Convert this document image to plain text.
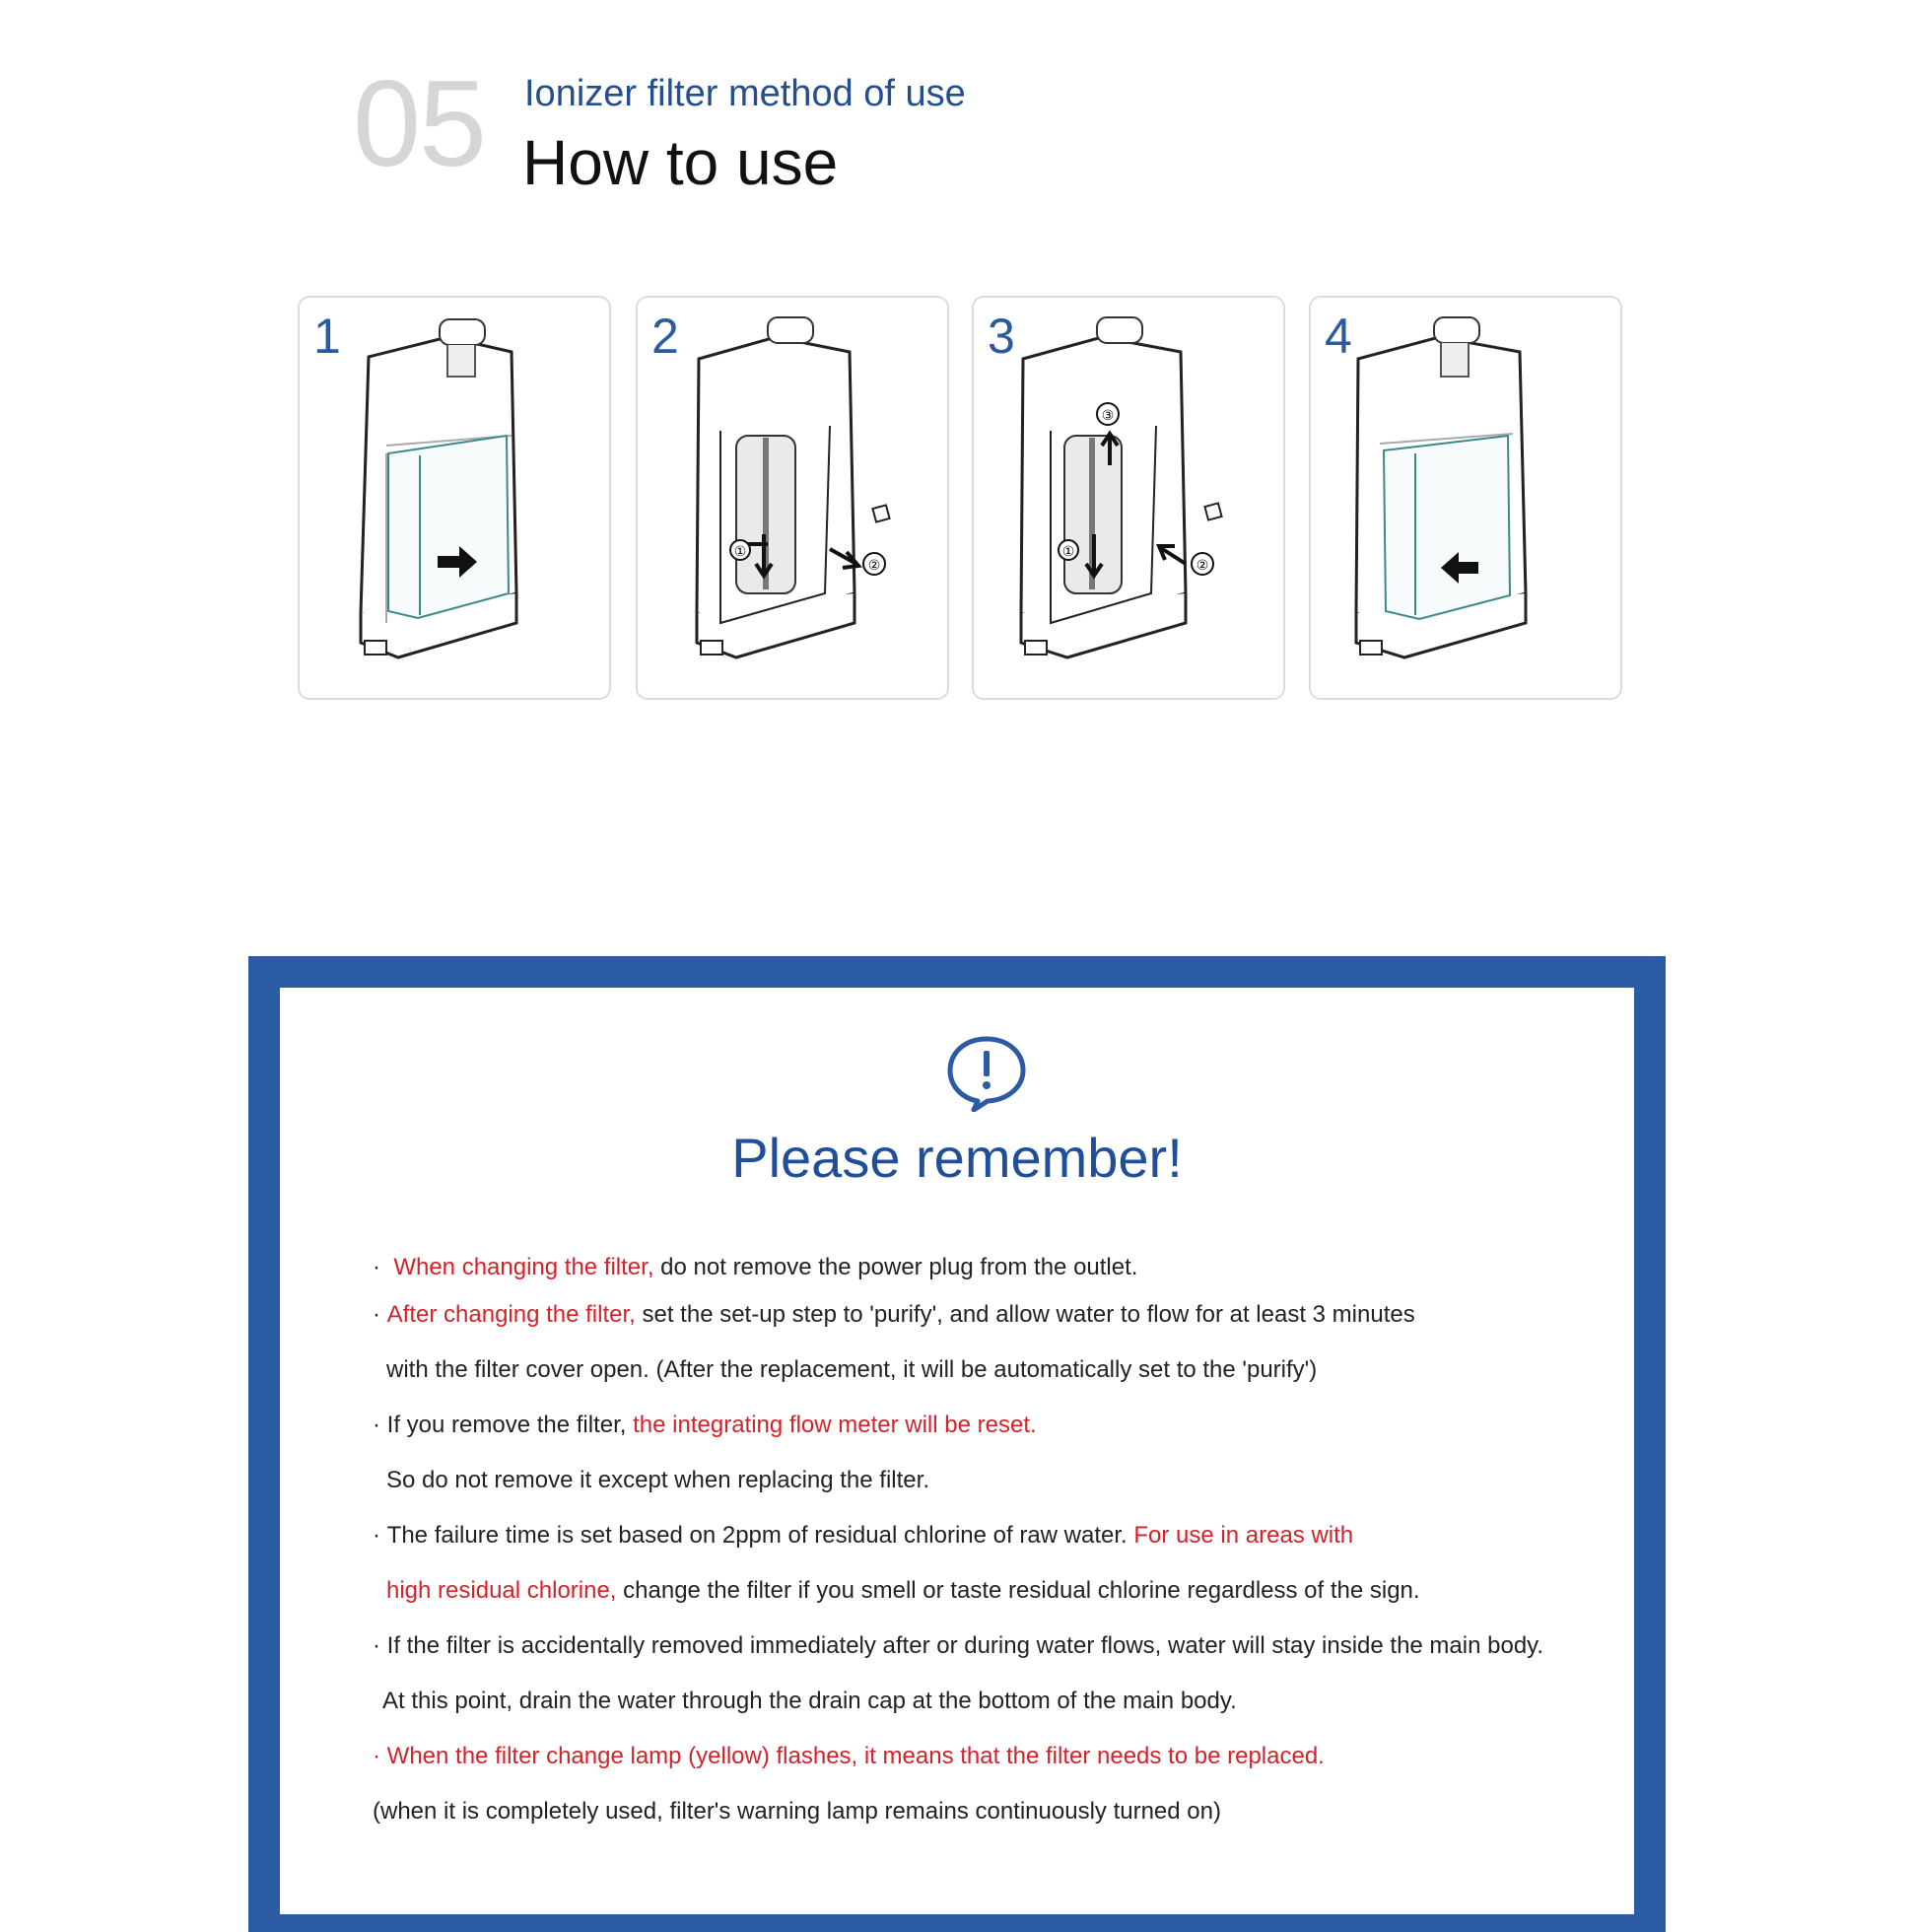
05 Ionizer filter method of use
How to use
1
①
②
2
③
①
②
3	4
Please remember!
·  When changing the filter, do not remove the power plug from the outlet.
· After changing the filter, set the set-up step to 'purify', and allow water to flow for at least 3 minutes
with the filter cover open. (After the replacement, it will be automatically set to the 'purify')
· If you remove the filter, the integrating flow meter will be reset.
So do not remove it except when replacing the filter.
· The failure time is set based on 2ppm of residual chlorine of raw water. For use in areas with
high residual chlorine, change the filter if you smell or taste residual chlorine regardless of the sign.
· If the filter is accidentally removed immediately after or during water flows, water will stay inside the main body.
At this point, drain the water through the drain cap at the bottom of the main body.
· When the filter change lamp (yellow) flashes, it means that the filter needs to be replaced.
(when it is completely used, filter's warning lamp remains continuously turned on)
